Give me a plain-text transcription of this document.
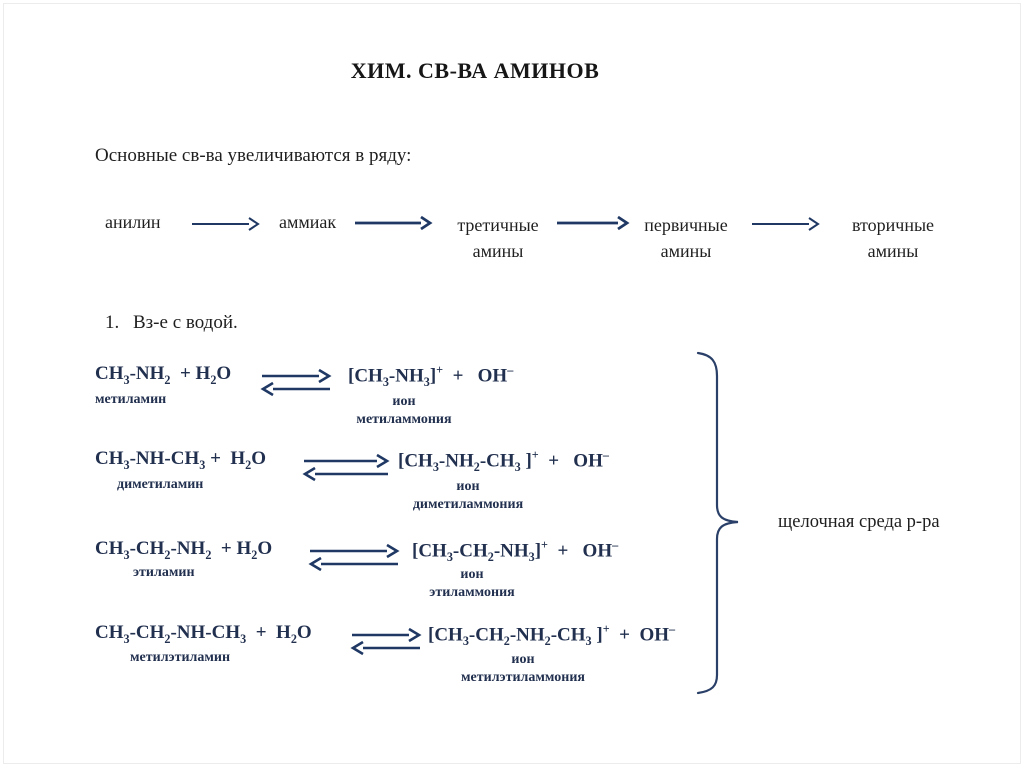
ХИМ. СВ-ВА АМИНОВ
Основные св-ва увеличиваются в ряду:
анилин	аммиак	третичные
амины
первичные
амины
вторичные
амины
1. Вз-е с водой.
$CH_3-NH_2 + H_2O$	$[CH_3-NH_3]^+ + OH^-$
метиламин	ион
метиламмония
$CH_3-NH-CH_3 + H_2O$	[$CH_3-NH_2-CH_3$ ]+  +   OH–
диметиламин	ион
диметиламмония
$CH_3-CH_2-NH_2 + H_2O$	$[CH_3-CH_2-NH_3]^+ + OH^-$
этиламин	ион
этиламмония
$CH_3-CH_2-NH-CH_3 + H_2O$	[$CH_3-CH_2-NH_2-CH_3$ ]+  +  OH–
метилэтиламин	ион
метилэтиламмония
щелочная среда р-ра
